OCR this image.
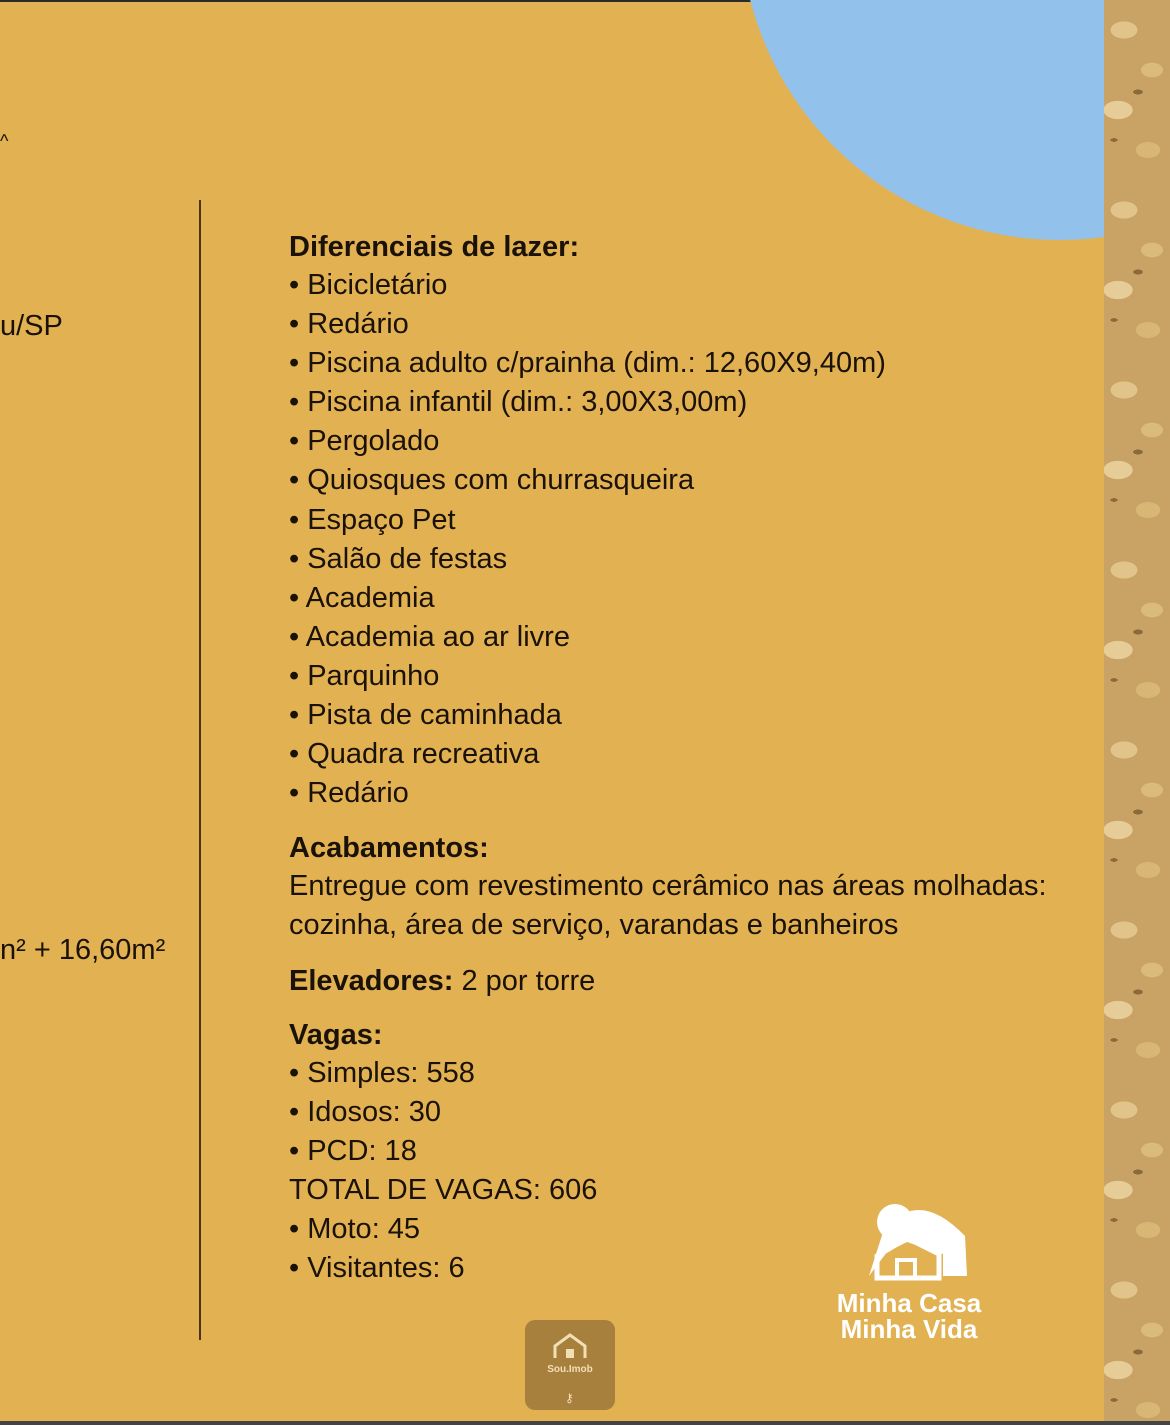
^
u/SP
n² + 16,60m²
Diferenciais de lazer:
• Bicicletário
• Redário
• Piscina adulto c/prainha (dim.: 12,60X9,40m)
• Piscina infantil (dim.: 3,00X3,00m)
• Pergolado
• Quiosques com churrasqueira
• Espaço Pet
• Salão de festas
• Academia
• Academia ao ar livre
• Parquinho
• Pista de caminhada
• Quadra recreativa
• Redário
Acabamentos:
Entregue com revestimento cerâmico nas áreas molhadas: cozinha, área de serviço, varandas e banheiros
Elevadores: 2 por torre
Vagas:
• Simples: 558
• Idosos: 30
• PCD: 18
TOTAL DE VAGAS: 606
• Moto: 45
• Visitantes: 6
Minha Casa
Minha Vida
Sou.Imob
⚷
